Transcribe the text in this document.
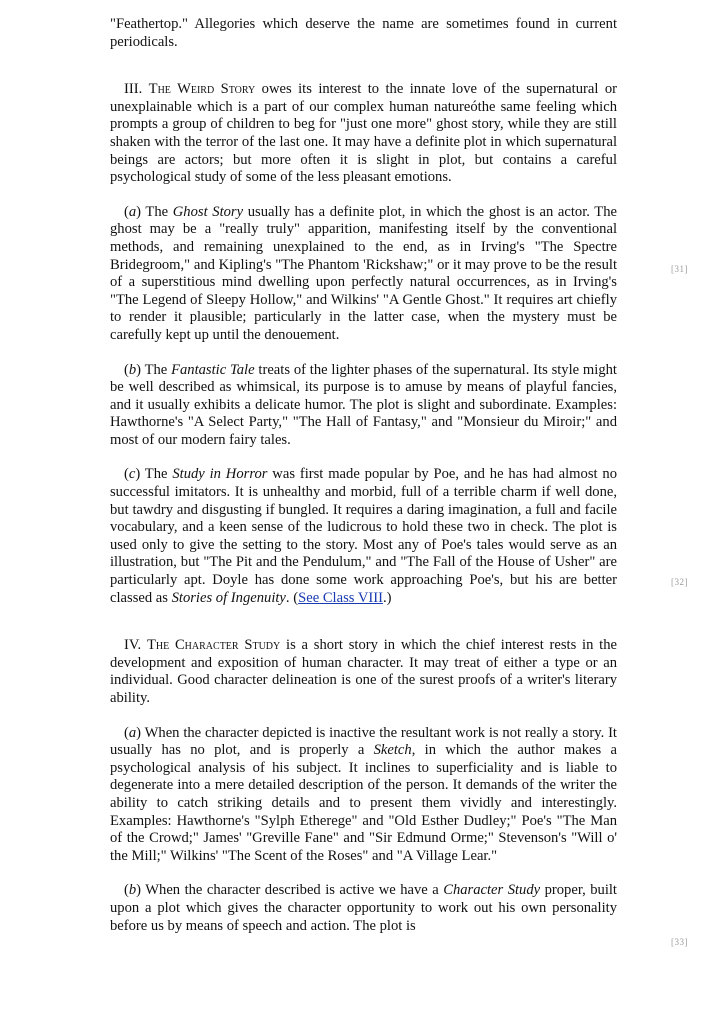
"Feathertop." Allegories which deserve the name are sometimes found in current periodicals.

III. The Weird Story owes its interest to the innate love of the supernatural or unexplainable which is a part of our complex human natureóthe same feeling which prompts a group of children to beg for "just one more" ghost story, while they are still shaken with the terror of the last one. It may have a definite plot in which supernatural beings are actors; but more often it is slight in plot, but contains a careful psychological study of some of the less pleasant emotions.

(a) The Ghost Story usually has a definite plot, in which the ghost is an actor. The ghost may be a "really truly" apparition, manifesting itself by the conventional methods, and remaining unexplained to the end, as in Irving's "The Spectre Bridegroom," and Kipling's "The Phantom 'Rickshaw;" or it may prove to be the result of a superstitious mind dwelling upon perfectly natural occurrences, as in Irving's "The Legend of Sleepy Hollow," and Wilkins' "A Gentle Ghost." It requires art chiefly to render it plausible; particularly in the latter case, when the mystery must be carefully kept up until the denouement.

(b) The Fantastic Tale treats of the lighter phases of the supernatural. Its style might be well described as whimsical, its purpose is to amuse by means of playful fancies, and it usually exhibits a delicate humor. The plot is slight and subordinate. Examples: Hawthorne's "A Select Party," "The Hall of Fantasy," and "Monsieur du Miroir;" and most of our modern fairy tales.

(c) The Study in Horror was first made popular by Poe, and he has had almost no successful imitators. It is unhealthy and morbid, full of a terrible charm if well done, but tawdry and disgusting if bungled. It requires a daring imagination, a full and facile vocabulary, and a keen sense of the ludicrous to hold these two in check. The plot is used only to give the setting to the story. Most any of Poe's tales would serve as an illustration, but "The Pit and the Pendulum," and "The Fall of the House of Usher" are particularly apt. Doyle has done some work approaching Poe's, but his are better classed as Stories of Ingenuity. (See Class VIII.)

IV. The Character Study is a short story in which the chief interest rests in the development and exposition of human character. It may treat of either a type or an individual. Good character delineation is one of the surest proofs of a writer's literary ability.

(a) When the character depicted is inactive the resultant work is not really a story. It usually has no plot, and is properly a Sketch, in which the author makes a psychological analysis of his subject. It inclines to superficiality and is liable to degenerate into a mere detailed description of the person. It demands of the writer the ability to catch striking details and to present them vividly and interestingly. Examples: Hawthorne's "Sylph Etherege" and "Old Esther Dudley;" Poe's "The Man of the Crowd;" James' "Greville Fane" and "Sir Edmund Orme;" Stevenson's "Will o' the Mill;" Wilkins' "The Scent of the Roses" and "A Village Lear."

(b) When the character described is active we have a Character Study proper, built upon a plot which gives the character opportunity to work out his own personality before us by means of speech and action. The plot is

[31]
[32]
[33]
